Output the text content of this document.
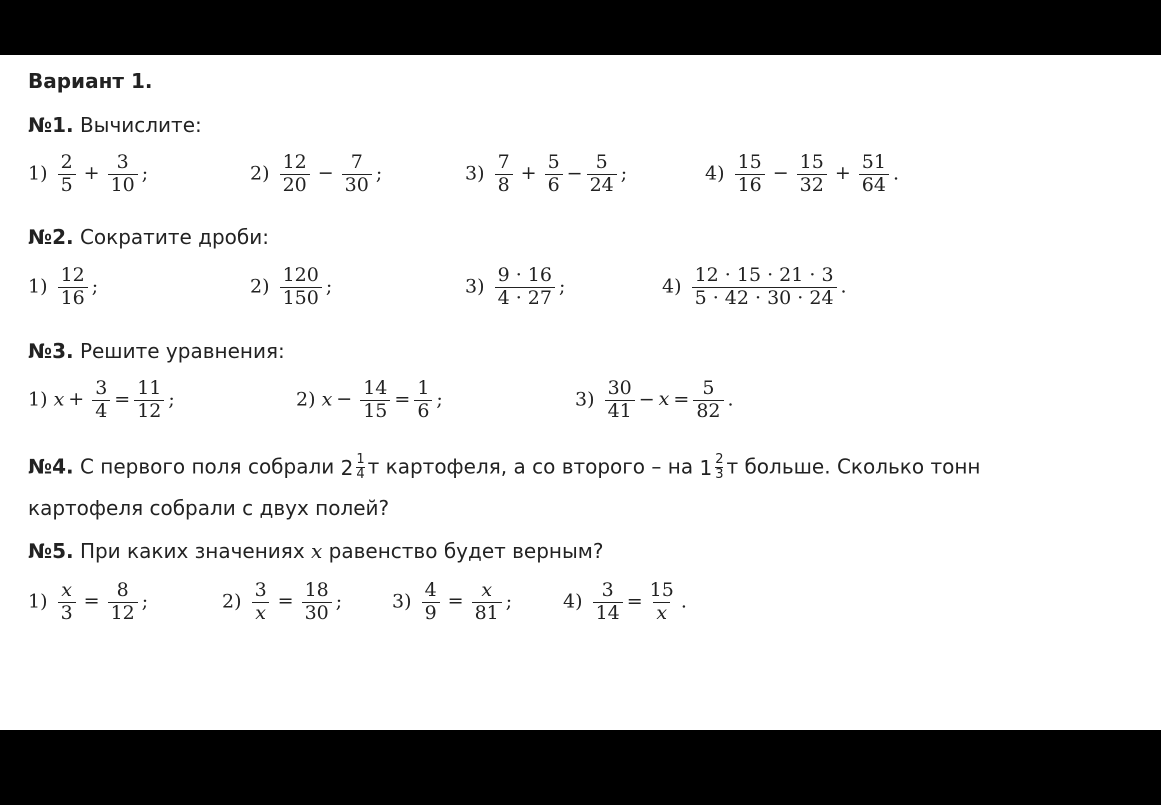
Вариант 1.
№1. Вычислите:
$1) \frac{2}{5} + \frac{3}{10}$ ;	$2) \frac{12}{20} - \frac{7}{30}$ ;	$3) \frac{7}{8} + \frac{5}{6} - \frac{5}{24}$ ;	$4) \frac{15}{16} - \frac{15}{32} + \frac{51}{64}$ .
№2. Сократите дроби:
$1) \frac{12}{16}$ ;	$2) \frac{120}{150}$ ;	$3) \frac{9 \cdot 16}{4 \cdot 27}$ ;	$4) \frac{12 \cdot 15 \cdot 21 \cdot 3}{5 \cdot 42 \cdot 30 \cdot 24}$ .
№3. Решите уравнения:
1) $x + \frac{3}{4} = \frac{11}{12}$ ;	2) $x - \frac{14}{15} = \frac{1}{6}$ ;	$3) \frac{30}{41} - x = \frac{5}{82}$ .
№4. С первого поля собрали 2 1
4 т картофеля, а со второго – на 1 2
3 т больше. Сколько тонн
картофеля собрали с двух полей?
№5. При каких значениях x равенство будет верным?
$1) \frac{x}{3} = \frac{8}{12}$ ;	$2) \frac{3}{x} = \frac{18}{30}$ ;	$3) \frac{4}{9} = \frac{x}{81}$ ;	$4) \frac{3}{14} = \frac{15}{x}$ .
